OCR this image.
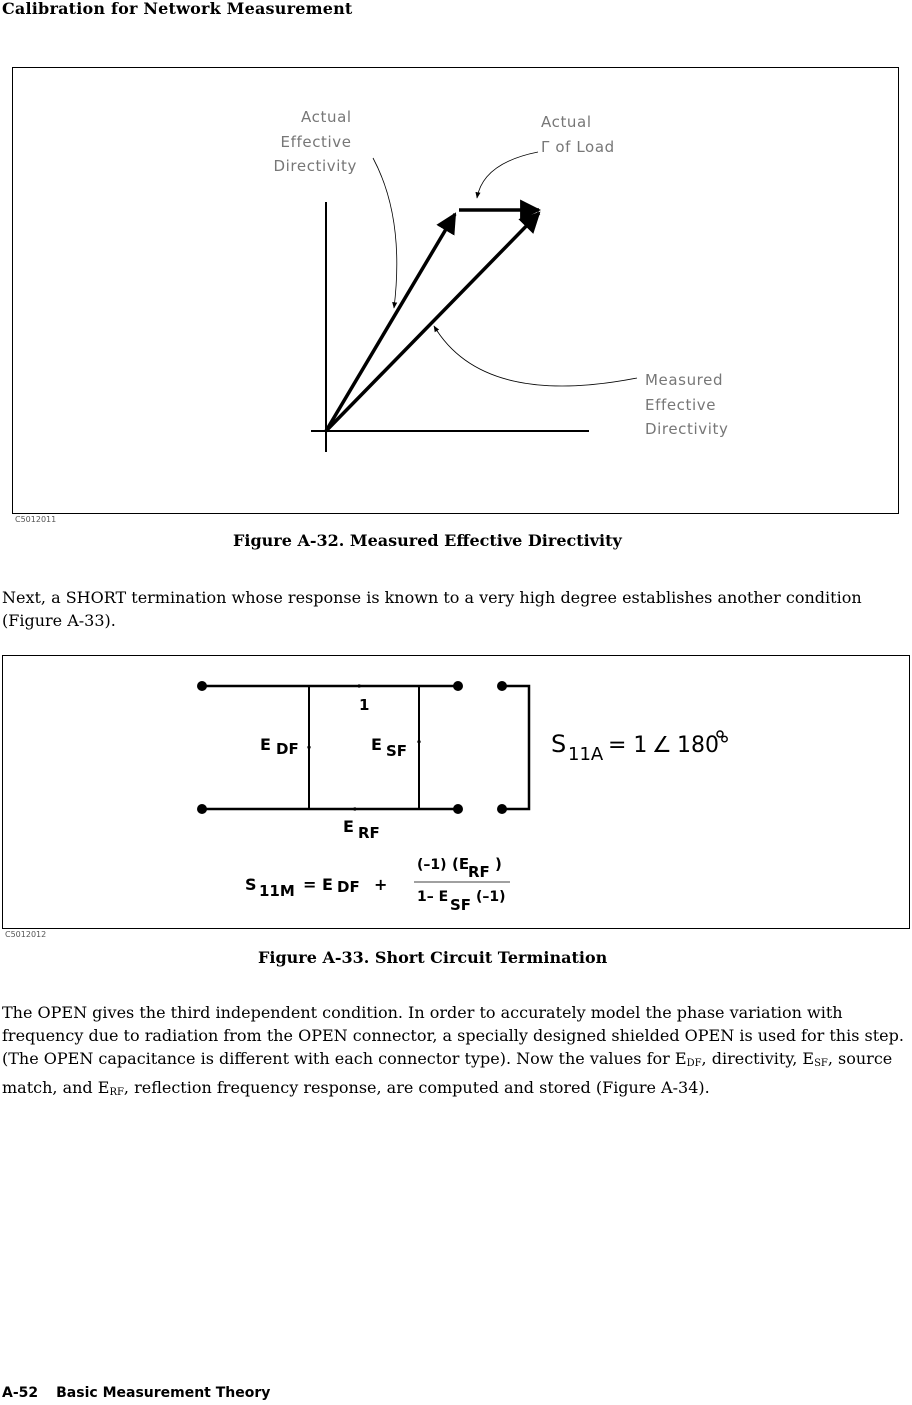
Calibration for Network Measurement
Actual Effective Directivity
Actual Γ of Load
Measured Effective Directivity
C5012011
Figure A-32. Measured Effective Directivity

Next, a SHORT termination whose response is known to a very high degree establishes another condition (Figure A-33).

1
E DF	E SF
E RF
S 11A = 1 ∠ 180°
S 11M = E DF +
(–1) (E RF )
1– E SF (–1)
C5012012
Figure A-33. Short Circuit Termination

The OPEN gives the third independent condition. In order to accurately model the phase variation with frequency due to radiation from the OPEN connector, a specially designed shielded OPEN is used for this step. (The OPEN capacitance is different with each connector type). Now the values for $E_{DF}$, directivity, $E_{SF}$, source match, and $E_{RF}$, reflection frequency response, are computed and stored (Figure A-34).

A-52 Basic Measurement Theory
